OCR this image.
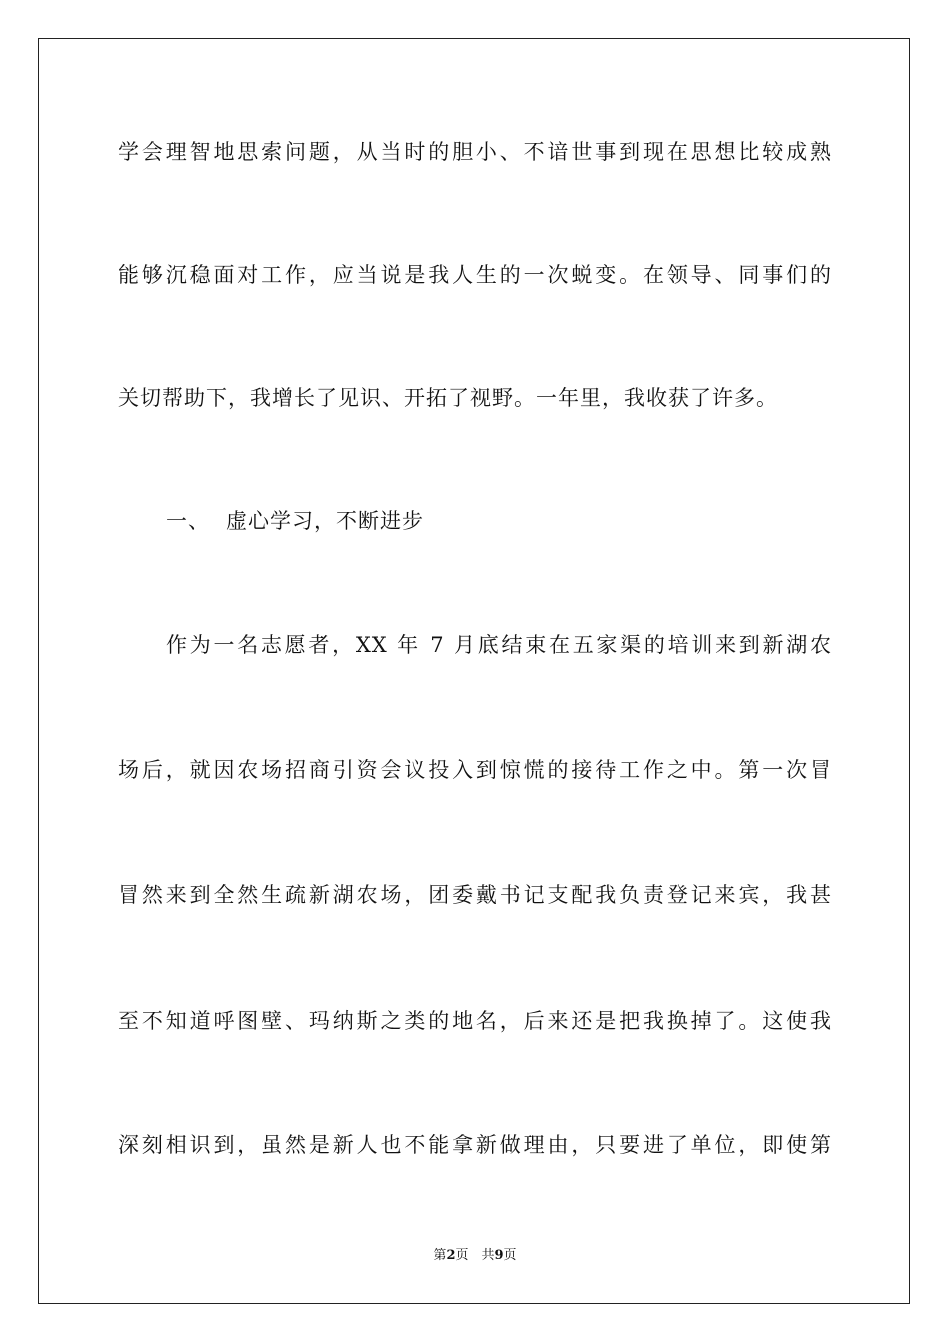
学会理智地思索问题，从当时的胆小、不谙世事到现在思想比较成熟
能够沉稳面对工作，应当说是我人生的一次蜕变。在领导、同事们的
关切帮助下，我增长了见识、开拓了视野。一年里，我收获了许多。
一、 虚心学习，不断进步
作为一名志愿者，XX 年 7 月底结束在五家渠的培训来到新湖农
场后，就因农场招商引资会议投入到惊慌的接待工作之中。第一次冒
冒然来到全然生疏新湖农场，团委戴书记支配我负责登记来宾，我甚
至不知道呼图壁、玛纳斯之类的地名，后来还是把我换掉了。这使我
深刻相识到，虽然是新人也不能拿新做理由，只要进了单位，即使第
第2页　共9页
